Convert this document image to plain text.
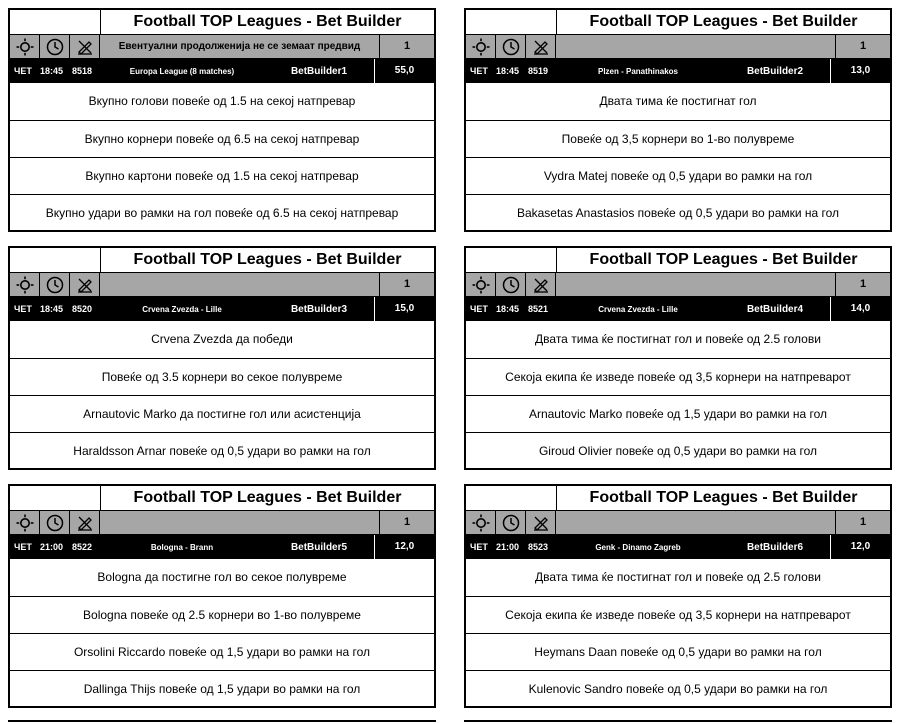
Football TOP Leagues - Bet Builder
Евентуални продолженија не се земаат предвид	1
ЧЕТ 18:45 8518	Europa League (8 matches)	BetBuilder1	55,0
Вкупно голови повеќе од 1.5 на секој натпревар
Вкупно корнери повеќе од 6.5 на секој натпревар
Вкупно картони повеќе од 1.5 на секој натпревар
Вкупно удари во рамки на гол повеќе од 6.5 на секој натпревар
Football TOP Leagues - Bet Builder
1
ЧЕТ 18:45 8519	Plzen - Panathinakos	BetBuilder2	13,0
Двата тима ќе постигнат гол
Повеќе од 3,5 корнери во 1-во полувреме
Vydra Matej повеќе од 0,5 удари во рамки на гол
Bakasetas Anastasios повеќе од 0,5 удари во рамки на гол
Football TOP Leagues - Bet Builder
1
ЧЕТ 18:45 8520	Crvena Zvezda - Lille	BetBuilder3	15,0
Crvena Zvezda да победи
Повеќе од 3.5 корнери во секое полувреме
Arnautovic Marko да постигне гол или асистенција
Haraldsson Arnar повеќе од 0,5 удари во рамки на гол
Football TOP Leagues - Bet Builder
1
ЧЕТ 18:45 8521	Crvena Zvezda - Lille	BetBuilder4	14,0
Двата тима ќе постигнат гол и повеќе од 2.5 голови
Секоја екипа ќе изведе повеќе од 3,5 корнери на натпреварот
Arnautovic Marko повеќе од 1,5 удари во рамки на гол
Giroud Olivier повеќе од 0,5 удари во рамки на гол
Football TOP Leagues - Bet Builder
1
ЧЕТ 21:00 8522	Bologna - Brann	BetBuilder5	12,0
Bologna да постигне гол во секое полувреме
Bologna повеќе од 2.5 корнери во 1-во полувреме
Orsolini Riccardo повеќе од 1,5 удари во рамки на гол
Dallinga Thijs повеќе од 1,5 удари во рамки на гол
Football TOP Leagues - Bet Builder
1
ЧЕТ 21:00 8523	Genk - Dinamo Zagreb	BetBuilder6	12,0
Двата тима ќе постигнат гол и повеќе од 2.5 голови
Секоја екипа ќе изведе повеќе од 3,5 корнери на натпреварот
Heymans Daan повеќе од 0,5 удари во рамки на гол
Kulenovic Sandro повеќе од 0,5 удари во рамки на гол
